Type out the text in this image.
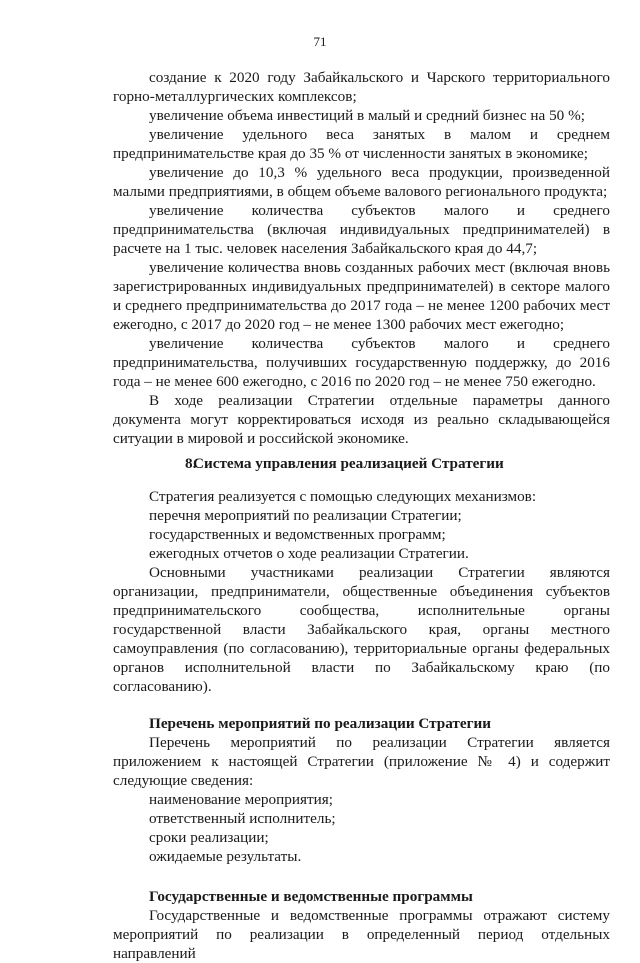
71

создание к 2020 году Забайкальского и Чарского территориального горно-металлургических комплексов;

увеличение объема инвестиций в малый и средний бизнес на 50 %;

увеличение удельного веса занятых в малом и среднем предпринимательстве края до 35 % от численности занятых в экономике;

увеличение до 10,3 % удельного веса продукции, произведенной малыми предприятиями, в общем объеме валового регионального продукта;

увеличение количества субъектов малого и среднего предпринимательства (включая индивидуальных предпринимателей) в расчете на 1 тыс. человек населения Забайкальского края до 44,7;

увеличение количества вновь созданных рабочих мест (включая вновь зарегистрированных индивидуальных предпринимателей) в секторе малого и среднего предпринимательства до 2017 года – не менее 1200 рабочих мест ежегодно, с 2017 до 2020 год – не менее 1300 рабочих мест ежегодно;

увеличение количества субъектов малого и среднего предпринимательства, получивших государственную поддержку, до 2016 года – не менее 600 ежегодно, с 2016 по 2020 год – не менее 750 ежегодно.

В ходе реализации Стратегии отдельные параметры данного документа могут корректироваться исходя из реально складывающейся ситуации в мировой и российской экономике.

8.Система управления реализацией Стратегии

Стратегия реализуется с помощью следующих механизмов:

перечня мероприятий по реализации Стратегии;

государственных и ведомственных программ;

ежегодных отчетов о ходе реализации Стратегии.

Основными участниками реализации Стратегии являются организации, предприниматели, общественные объединения субъектов предпринимательского сообщества, исполнительные органы государственной власти Забайкальского края, органы местного самоуправления (по согласованию), территориальные органы федеральных органов исполнительной власти по Забайкальскому краю (по согласованию).

Перечень мероприятий по реализации Стратегии

Перечень мероприятий по реализации Стратегии является приложением к настоящей Стратегии (приложение № 4) и содержит следующие сведения:

наименование мероприятия;

ответственный исполнитель;

сроки реализации;

ожидаемые результаты.

Государственные и ведомственные программы

Государственные и ведомственные программы отражают систему мероприятий по реализации в определенный период отдельных направлений
